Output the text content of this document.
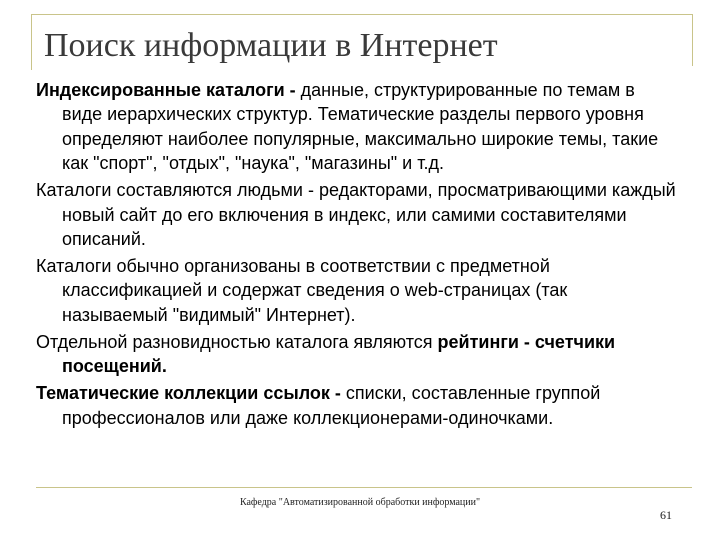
Поиск информации в Интернет

Индексированные каталоги - данные, структурированные по темам в виде иерархических структур. Тематические разделы первого уровня определяют наиболее популярные, максимально широкие темы, такие как "спорт", "отдых", "наука", "магазины" и т.д.

Каталоги составляются людьми - редакторами, просматривающими каждый новый сайт до его включения в индекс, или самими составителями описаний.

Каталоги обычно организованы в соответствии с предметной классификацией и содержат сведения о web-страницах (так называемый "видимый" Интернет).

Отдельной разновидностью каталога являются рейтинги - счетчики посещений.

Тематические коллекции ссылок - списки, составленные группой профессионалов или даже коллекционерами-одиночками.

Кафедра "Автоматизированной обработки информации"
61
